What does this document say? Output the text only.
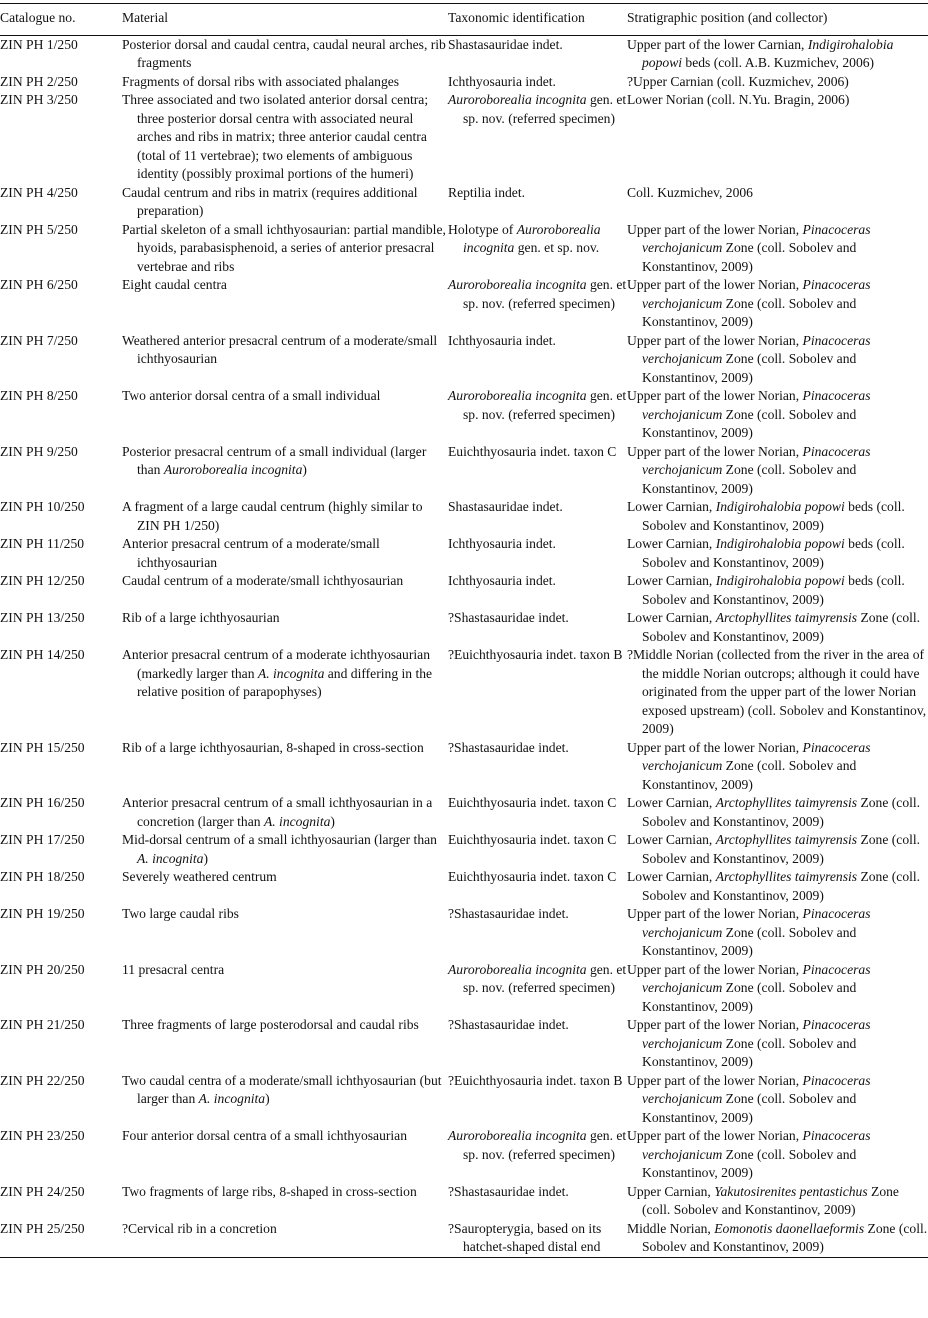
Catalogue no.	Material	Taxonomic identification	Stratigraphic position (and collector)
ZIN PH 1/250	Posterior dorsal and caudal centra, caudal neural arches, rib fragments	Shastasauridae indet.	Upper part of the lower Carnian, Indigirohalobia popowi beds (coll. A.B. Kuzmichev, 2006)

ZIN PH 2/250	Fragments of dorsal ribs with associated phalanges	Ichthyosauria indet.	?Upper Carnian (coll. Kuzmichev, 2006)

ZIN PH 3/250	Three associated and two isolated anterior dorsal centra; three posterior dorsal centra with associated neural arches and ribs in matrix; three anterior caudal centra (total of 11 vertebrae); two elements of ambiguous identity (possibly proximal portions of the humeri)	Auroroborealia incognita gen. et sp. nov. (referred specimen)	Lower Norian (coll. N.Yu. Bragin, 2006)

ZIN PH 4/250	Caudal centrum and ribs in matrix (requires additional preparation)	Reptilia indet.	Coll. Kuzmichev, 2006

ZIN PH 5/250	Partial skeleton of a small ichthyosaurian: partial mandible, hyoids, parabasisphenoid, a series of anterior presacral vertebrae and ribs	Holotype of Auroroborealia incognita gen. et sp. nov.	Upper part of the lower Norian, Pinacoceras verchojanicum Zone (coll. Sobolev and Konstantinov, 2009)

ZIN PH 6/250	Eight caudal centra	Auroroborealia incognita gen. et sp. nov. (referred specimen)	Upper part of the lower Norian, Pinacoceras verchojanicum Zone (coll. Sobolev and Konstantinov, 2009)

ZIN PH 7/250	Weathered anterior presacral centrum of a moderate/small ichthyosaurian	Ichthyosauria indet.	Upper part of the lower Norian, Pinacoceras verchojanicum Zone (coll. Sobolev and Konstantinov, 2009)

ZIN PH 8/250	Two anterior dorsal centra of a small individual	Auroroborealia incognita gen. et sp. nov. (referred specimen)	Upper part of the lower Norian, Pinacoceras verchojanicum Zone (coll. Sobolev and Konstantinov, 2009)

ZIN PH 9/250	Posterior presacral centrum of a small individual (larger than Auroroborealia incognita)	Euichthyosauria indet. taxon C	Upper part of the lower Norian, Pinacoceras verchojanicum Zone (coll. Sobolev and Konstantinov, 2009)

ZIN PH 10/250	A fragment of a large caudal centrum (highly similar to ZIN PH 1/250)	Shastasauridae indet.	Lower Carnian, Indigirohalobia popowi beds (coll. Sobolev and Konstantinov, 2009)

ZIN PH 11/250	Anterior presacral centrum of a moderate/small ichthyosaurian	Ichthyosauria indet.	Lower Carnian, Indigirohalobia popowi beds (coll. Sobolev and Konstantinov, 2009)

ZIN PH 12/250	Caudal centrum of a moderate/small ichthyosaurian	Ichthyosauria indet.	Lower Carnian, Indigirohalobia popowi beds (coll. Sobolev and Konstantinov, 2009)

ZIN PH 13/250	Rib of a large ichthyosaurian	?Shastasauridae indet.	Lower Carnian, Arctophyllites taimyrensis Zone (coll. Sobolev and Konstantinov, 2009)

ZIN PH 14/250	Anterior presacral centrum of a moderate ichthyosaurian (markedly larger than A. incognita and differing in the relative position of parapophyses)	?Euichthyosauria indet. taxon B	?Middle Norian (collected from the river in the area of the middle Norian outcrops; although it could have originated from the upper part of the lower Norian exposed upstream) (coll. Sobolev and Konstantinov, 2009)

ZIN PH 15/250	Rib of a large ichthyosaurian, 8-shaped in cross-section	?Shastasauridae indet.	Upper part of the lower Norian, Pinacoceras verchojanicum Zone (coll. Sobolev and Konstantinov, 2009)

ZIN PH 16/250	Anterior presacral centrum of a small ichthyosaurian in a concretion (larger than A. incognita)	Euichthyosauria indet. taxon C	Lower Carnian, Arctophyllites taimyrensis Zone (coll. Sobolev and Konstantinov, 2009)

ZIN PH 17/250	Mid-dorsal centrum of a small ichthyosaurian (larger than A. incognita)	Euichthyosauria indet. taxon C	Lower Carnian, Arctophyllites taimyrensis Zone (coll. Sobolev and Konstantinov, 2009)

ZIN PH 18/250	Severely weathered centrum	Euichthyosauria indet. taxon C	Lower Carnian, Arctophyllites taimyrensis Zone (coll. Sobolev and Konstantinov, 2009)

ZIN PH 19/250	Two large caudal ribs	?Shastasauridae indet.	Upper part of the lower Norian, Pinacoceras verchojanicum Zone (coll. Sobolev and Konstantinov, 2009)

ZIN PH 20/250	11 presacral centra	Auroroborealia incognita gen. et sp. nov. (referred specimen)	Upper part of the lower Norian, Pinacoceras verchojanicum Zone (coll. Sobolev and Konstantinov, 2009)

ZIN PH 21/250	Three fragments of large posterodorsal and caudal ribs	?Shastasauridae indet.	Upper part of the lower Norian, Pinacoceras verchojanicum Zone (coll. Sobolev and Konstantinov, 2009)

ZIN PH 22/250	Two caudal centra of a moderate/small ichthyosaurian (but larger than A. incognita)	?Euichthyosauria indet. taxon B	Upper part of the lower Norian, Pinacoceras verchojanicum Zone (coll. Sobolev and Konstantinov, 2009)

ZIN PH 23/250	Four anterior dorsal centra of a small ichthyosaurian	Auroroborealia incognita gen. et sp. nov. (referred specimen)	Upper part of the lower Norian, Pinacoceras verchojanicum Zone (coll. Sobolev and Konstantinov, 2009)

ZIN PH 24/250	Two fragments of large ribs, 8-shaped in cross-section	?Shastasauridae indet.	Upper Carnian, Yakutosirenites pentastichus Zone (coll. Sobolev and Konstantinov, 2009)

ZIN PH 25/250	?Cervical rib in a concretion	?Sauropterygia, based on its hatchet-shaped distal end	Middle Norian, Eomonotis daonellaeformis Zone (coll. Sobolev and Konstantinov, 2009)
